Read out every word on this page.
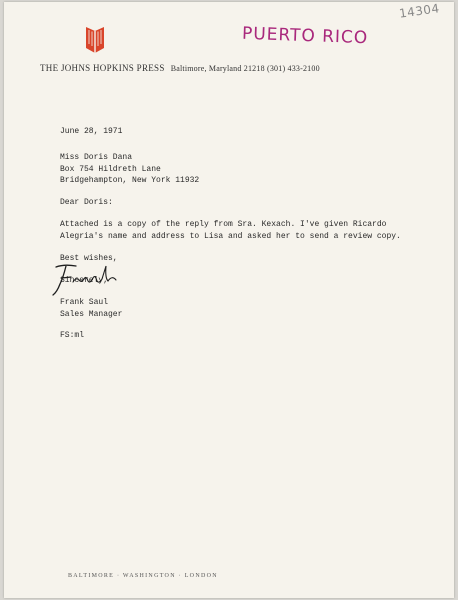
14304
PUERTO RICO
THE JOHNS HOPKINS PRESS Baltimore, Maryland 21218 (301) 433-2100
June 28, 1971
Miss Doris Dana
Box 754 Hildreth Lane
Bridgehampton, New York 11932
Dear Doris:
Attached is a copy of the reply from Sra. Kexach. I've given Ricardo
Alegria's name and address to Lisa and asked her to send a review copy.
Best wishes,
Sincerely,
Frank Saul
Sales Manager
FS:ml
BALTIMORE · WASHINGTON · LONDON
